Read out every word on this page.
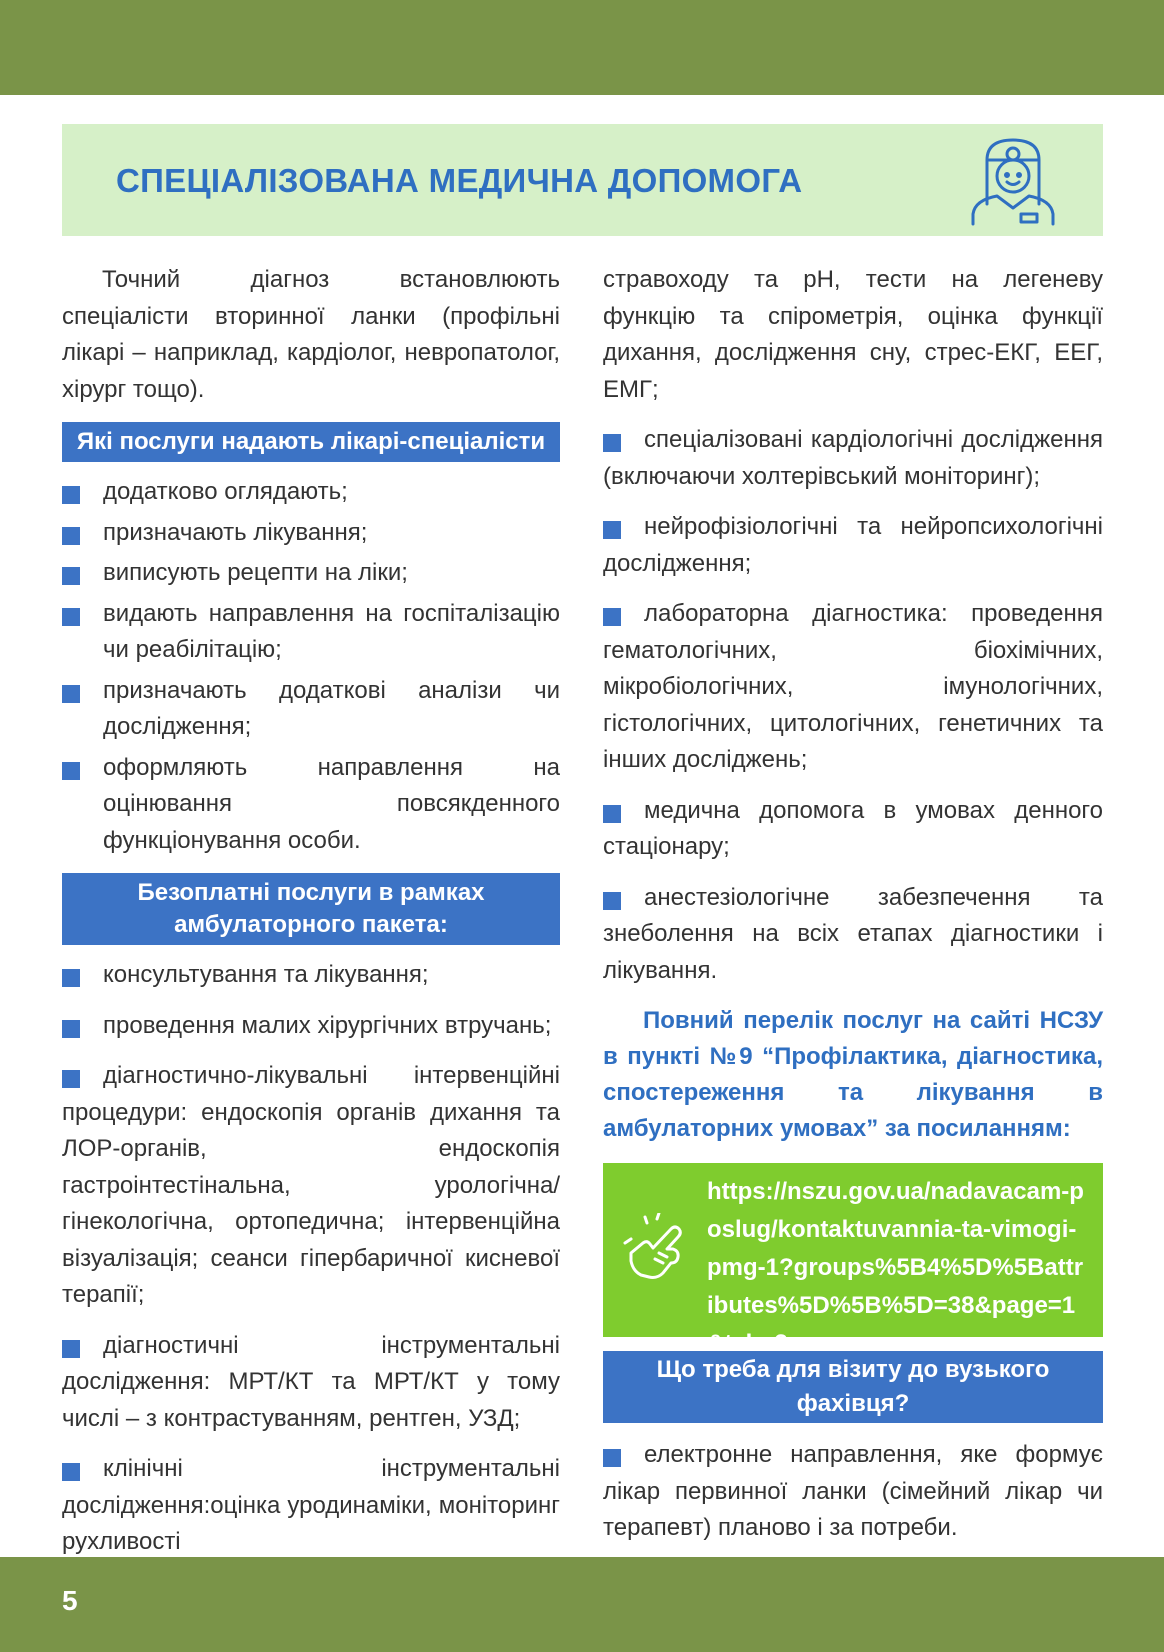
СПЕЦІАЛІЗОВАНА МЕДИЧНА ДОПОМОГА

Точний діагноз встановлюють спеціалісти вторинної ланки (профільні лікарі – наприклад, кардіолог, невропатолог, хірург тощо).

Які послуги надають лікарі-спеціалісти
додатково оглядають;
призначають лікування;
виписують рецепти на ліки;
видають направлення на госпіталізацію чи реабілітацію;
призначають додаткові аналізи чи дослідження;
оформляють направлення на оцінювання повсякденного функціонування особи.
Безоплатні послуги в рамках
амбулаторного пакета:
консультування та лікування;
проведення малих хірургічних втручань;
діагностично-лікувальні інтервенційні процедури: ендоскопія органів дихання та ЛОР-органів, ендоскопія гастроінтестінальна, урологічна/гінекологічна, ортопедична; інтервенційна візуалізація; сеанси гіпербаричної кисневої терапії;
діагностичні інструментальні дослідження: МРТ/КТ та МРТ/КТ у тому числі – з контрастуванням, рентген, УЗД;
клінічні інструментальні дослідження:оцінка уродинаміки, моніторинг рухливості

стравоходу та рН, тести на легеневу функцію та спірометрія, оцінка функції дихання, дослідження сну, стрес-ЕКГ, ЕЕГ, ЕМГ;

спеціалізовані кардіологічні дослідження (включаючи холтерівський моніторинг);
нейрофізіологічні та нейропсихологічні дослідження;
лабораторна діагностика: проведення гематологічних, біохімічних, мікробіологічних, імунологічних, гістологічних, цитологічних, генетичних та інших досліджень;
медична допомога в умовах денного стаціонару;
анестезіологічне забезпечення та знеболення на всіх етапах діагностики і лікування.

Повний перелік послуг на сайті НСЗУ в пункті №9 “Профілактика, діагностика, спостереження та лікування в амбулаторних умовах” за посиланням:

https://nszu.gov.ua/nadavacam-poslug/kontaktuvannia-ta-vimogi-pmg-1?groups%5B4%5D%5Battributes%5D%5B%5D=38&page=1&tab=3
Що треба для візиту до вузького фахівця?
електронне направлення, яке формує лікар первинної ланки (сімейний лікар чи терапевт) планово і за потреби.
5
